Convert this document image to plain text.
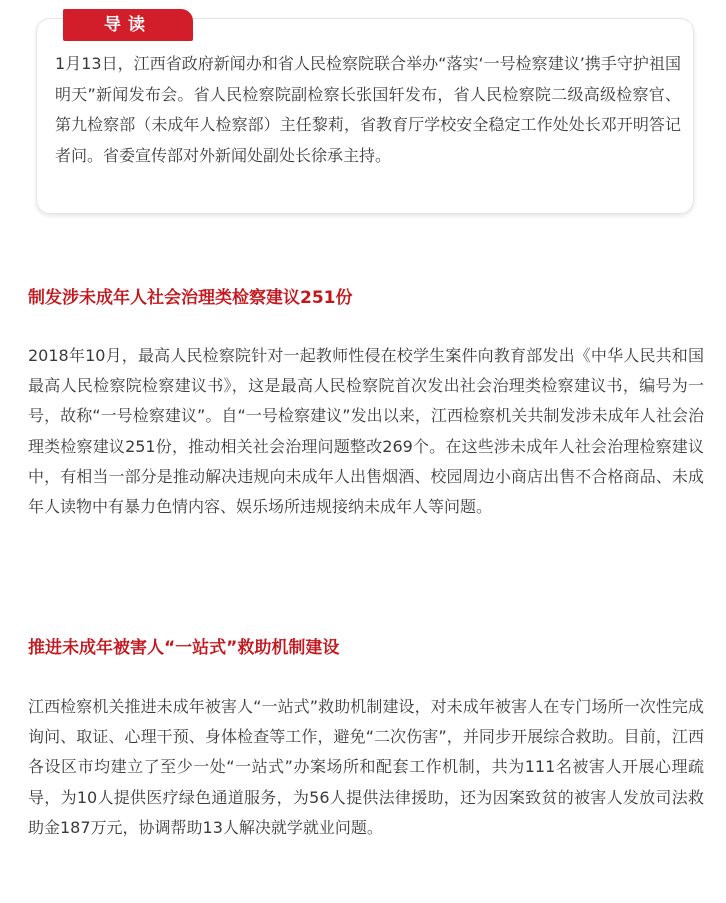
导读

1月13日，江西省政府新闻办和省人民检察院联合举办“落实‘一号检察建议’携手守护祖国明天”新闻发布会。省人民检察院副检察长张国轩发布，省人民检察院二级高级检察官、第九检察部（未成年人检察部）主任黎莉，省教育厅学校安全稳定工作处处长邓开明答记者问。省委宣传部对外新闻处副处长徐承主持。

制发涉未成年人社会治理类检察建议251份

2018年10月，最高人民检察院针对一起教师性侵在校学生案件向教育部发出《中华人民共和国最高人民检察院检察建议书》，这是最高人民检察院首次发出社会治理类检察建议书，编号为一号，故称“一号检察建议”。自“一号检察建议”发出以来，江西检察机关共制发涉未成年人社会治理类检察建议251份，推动相关社会治理问题整改269个。在这些涉未成年人社会治理检察建议中，有相当一部分是推动解决违规向未成年人出售烟酒、校园周边小商店出售不合格商品、未成年人读物中有暴力色情内容、娱乐场所违规接纳未成年人等问题。

推进未成年被害人“一站式”救助机制建设

江西检察机关推进未成年被害人“一站式”救助机制建设，对未成年被害人在专门场所一次性完成询问、取证、心理干预、身体检查等工作，避免“二次伤害”，并同步开展综合救助。目前，江西各设区市均建立了至少一处“一站式”办案场所和配套工作机制，共为111名被害人开展心理疏导，为10人提供医疗绿色通道服务，为56人提供法律援助，还为因案致贫的被害人发放司法救助金187万元，协调帮助13人解决就学就业问题。
